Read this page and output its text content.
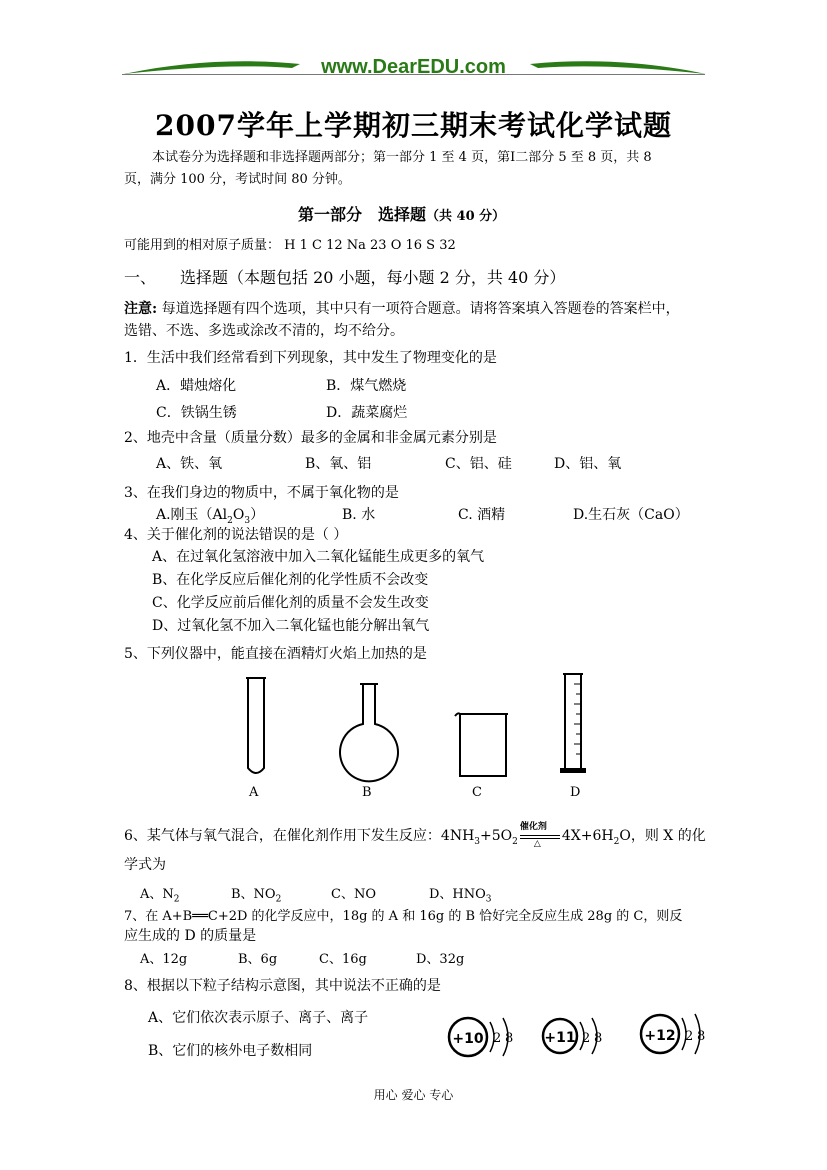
www.DearEDU.com
2007学年上学期初三期末考试化学试题
本试卷分为选择题和非选择题两部分；第一部分 1 至 4 页，第Ⅰ二部分 5 至 8 页，共 8
页，满分 100 分，考试时间 80 分钟。
第一部分　选择题（共 40 分）
可能用到的相对原子质量： H 1 C 12 Na 23 O 16 S 32
一、　　选择题（本题包括 20 小题，每小题 2 分，共 40 分）
注意: 每道选择题有四个选项，其中只有一项符合题意。请将答案填入答题卷的答案栏中，
选错、不选、多选或涂改不清的，均不给分。
1．生活中我们经常看到下列现象，其中发生了物理变化的是
A．蜡烛熔化	B．煤气燃烧
C．铁锅生锈	D．蔬菜腐烂
2、地壳中含量（质量分数）最多的金属和非金属元素分别是
A、铁、氧	B、氧、铝	C、铝、硅	D、铝、氧
3、在我们身边的物质中，不属于氧化物的是
A.刚玉$(Al_2O_3)$	B. 水	C. 酒精	D.生石灰（CaO）
4、关于催化剂的说法错误的是（ ）
A、在过氧化氢溶液中加入二氧化锰能生成更多的氧气
B、在化学反应后催化剂的化学性质不会改变
C、化学反应前后催化剂的质量不会发生改变
D、过氧化氢不加入二氧化锰也能分解出氧气
5、下列仪器中，能直接在酒精灯火焰上加热的是
A	B	C	D
6、某气体与氧气混合，在催化剂作用下发生反应：$4NH_3+5O_2$
催化剂
△ $4X+6H_2O$，则 X 的化
学式为
A、$N_2$	B、$NO_2$	C、NO	D、$HNO_3$
7、在 A+B══C+2D 的化学反应中，18g 的 A 和 16g 的 B 恰好完全反应生成 28g 的 C，则反
应生成的 D 的质量是
A、12g	B、6g	C、16g	D、32g
8、根据以下粒子结构示意图，其中说法不正确的是
A、它们依次表示原子、离子、离子
B、它们的核外电子数相同
+10 2 8 +11 2 8	+12 2 8
用心 爱心 专心
